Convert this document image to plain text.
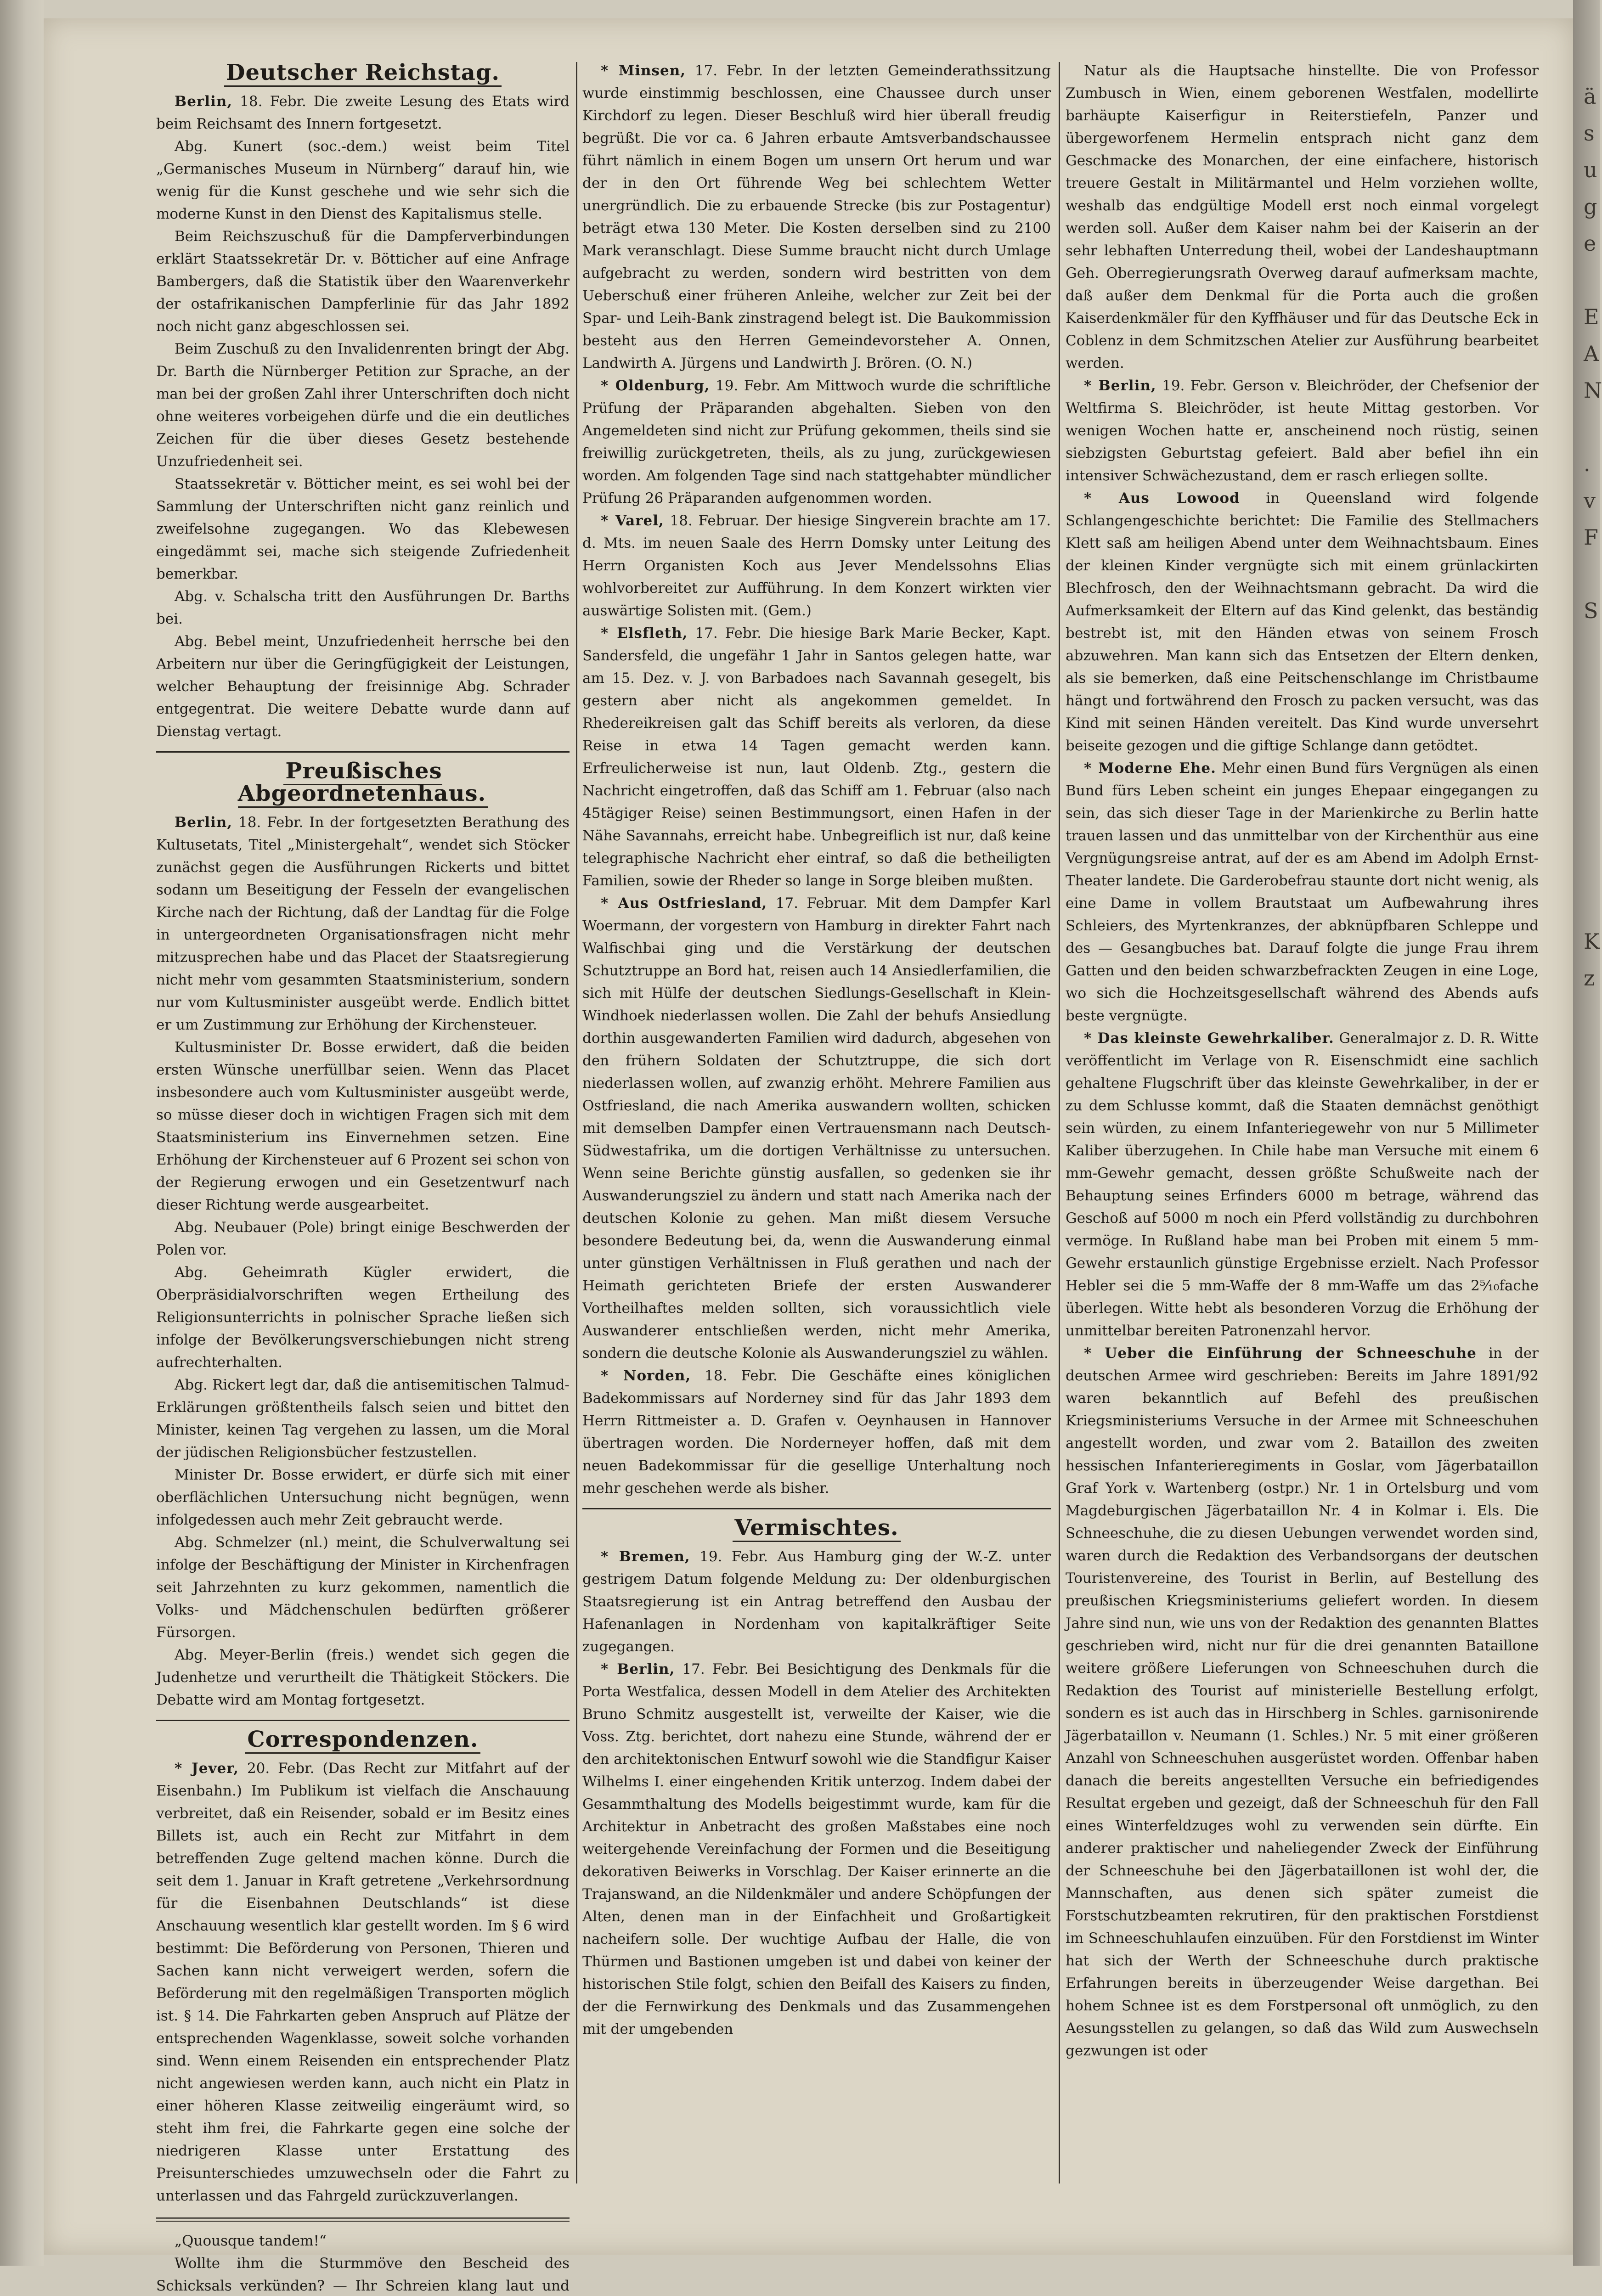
ä
s
u
g
e
E
A
N
.
v
F
S
K
z
Deutscher Reichstag.

Berlin, 18. Febr. Die zweite Lesung des Etats wird beim Reichsamt des Innern fortgesetzt.

Abg. Kunert (soc.-dem.) weist beim Titel „Germanisches Museum in Nürnberg“ darauf hin, wie wenig für die Kunst geschehe und wie sehr sich die moderne Kunst in den Dienst des Kapitalismus stelle.

Beim Reichszuschuß für die Dampferverbindungen erklärt Staatssekretär Dr. v. Bötticher auf eine Anfrage Bambergers, daß die Statistik über den Waarenverkehr der ostafrikanischen Dampferlinie für das Jahr 1892 noch nicht ganz abgeschlossen sei.

Beim Zuschuß zu den Invalidenrenten bringt der Abg. Dr. Barth die Nürnberger Petition zur Sprache, an der man bei der großen Zahl ihrer Unterschriften doch nicht ohne weiteres vorbeigehen dürfe und die ein deutliches Zeichen für die über dieses Gesetz bestehende Unzufriedenheit sei.

Staatssekretär v. Bötticher meint, es sei wohl bei der Sammlung der Unterschriften nicht ganz reinlich und zweifelsohne zugegangen. Wo das Klebewesen eingedämmt sei, mache sich steigende Zufriedenheit bemerkbar.

Abg. v. Schalscha tritt den Ausführungen Dr. Barths bei.

Abg. Bebel meint, Unzufriedenheit herrsche bei den Arbeitern nur über die Geringfügigkeit der Leistungen, welcher Behauptung der freisinnige Abg. Schrader entgegentrat. Die weitere Debatte wurde dann auf Dienstag vertagt.

Preußisches Abgeordnetenhaus.

Berlin, 18. Febr. In der fortgesetzten Berathung des Kultusetats, Titel „Ministergehalt“, wendet sich Stöcker zunächst gegen die Ausführungen Rickerts und bittet sodann um Beseitigung der Fesseln der evangelischen Kirche nach der Richtung, daß der Landtag für die Folge in untergeordneten Organisationsfragen nicht mehr mitzusprechen habe und das Placet der Staatsregierung nicht mehr vom gesammten Staatsministerium, sondern nur vom Kultusminister ausgeübt werde. Endlich bittet er um Zustimmung zur Erhöhung der Kirchensteuer.

Kultusminister Dr. Bosse erwidert, daß die beiden ersten Wünsche unerfüllbar seien. Wenn das Placet insbesondere auch vom Kultusminister ausgeübt werde, so müsse dieser doch in wichtigen Fragen sich mit dem Staatsministerium ins Einvernehmen setzen. Eine Erhöhung der Kirchensteuer auf 6 Prozent sei schon von der Regierung erwogen und ein Gesetzentwurf nach dieser Richtung werde ausgearbeitet.

Abg. Neubauer (Pole) bringt einige Beschwerden der Polen vor.

Abg. Geheimrath Kügler erwidert, die Oberpräsidialvorschriften wegen Ertheilung des Religionsunterrichts in polnischer Sprache ließen sich infolge der Bevölkerungsverschiebungen nicht streng aufrechterhalten.

Abg. Rickert legt dar, daß die antisemitischen Talmud-Erklärungen größtentheils falsch seien und bittet den Minister, keinen Tag vergehen zu lassen, um die Moral der jüdischen Religionsbücher festzustellen.

Minister Dr. Bosse erwidert, er dürfe sich mit einer oberflächlichen Untersuchung nicht begnügen, wenn infolgedessen auch mehr Zeit gebraucht werde.

Abg. Schmelzer (nl.) meint, die Schulverwaltung sei infolge der Beschäftigung der Minister in Kirchenfragen seit Jahrzehnten zu kurz gekommen, namentlich die Volks- und Mädchenschulen bedürften größerer Fürsorgen.

Abg. Meyer-Berlin (freis.) wendet sich gegen die Judenhetze und verurtheilt die Thätigkeit Stöckers. Die Debatte wird am Montag fortgesetzt.

Correspondenzen.

* Jever, 20. Febr. (Das Recht zur Mitfahrt auf der Eisenbahn.) Im Publikum ist vielfach die Anschauung verbreitet, daß ein Reisender, sobald er im Besitz eines Billets ist, auch ein Recht zur Mitfahrt in dem betreffenden Zuge geltend machen könne. Durch die seit dem 1. Januar in Kraft getretene „Verkehrsordnung für die Eisenbahnen Deutschlands“ ist diese Anschauung wesentlich klar gestellt worden. Im § 6 wird bestimmt: Die Beförderung von Personen, Thieren und Sachen kann nicht verweigert werden, sofern die Beförderung mit den regelmäßigen Transporten möglich ist. § 14. Die Fahrkarten geben Anspruch auf Plätze der entsprechenden Wagenklasse, soweit solche vorhanden sind. Wenn einem Reisenden ein entsprechender Platz nicht angewiesen werden kann, auch nicht ein Platz in einer höheren Klasse zeitweilig eingeräumt wird, so steht ihm frei, die Fahrkarte gegen eine solche der niedrigeren Klasse unter Erstattung des Preisunterschiedes umzuwechseln oder die Fahrt zu unterlassen und das Fahrgeld zurückzuverlangen.

„Quousque tandem!“

Wollte ihm die Sturmmöve den Bescheid des Schicksals verkünden? — Ihr Schreien klang laut und

* Minsen, 17. Febr. In der letzten Gemeinderathssitzung wurde einstimmig beschlossen, eine Chaussee durch unser Kirchdorf zu legen. Dieser Beschluß wird hier überall freudig begrüßt. Die vor ca. 6 Jahren erbaute Amtsverbandschaussee führt nämlich in einem Bogen um unsern Ort herum und war der in den Ort führende Weg bei schlechtem Wetter unergründlich. Die zu erbauende Strecke (bis zur Postagentur) beträgt etwa 130 Meter. Die Kosten derselben sind zu 2100 Mark veranschlagt. Diese Summe braucht nicht durch Umlage aufgebracht zu werden, sondern wird bestritten von dem Ueberschuß einer früheren Anleihe, welcher zur Zeit bei der Spar- und Leih-Bank zinstragend belegt ist. Die Baukommission besteht aus den Herren Gemeindevorsteher A. Onnen, Landwirth A. Jürgens und Landwirth J. Brören. (O. N.)

* Oldenburg, 19. Febr. Am Mittwoch wurde die schriftliche Prüfung der Präparanden abgehalten. Sieben von den Angemeldeten sind nicht zur Prüfung gekommen, theils sind sie freiwillig zurückgetreten, theils, als zu jung, zurückgewiesen worden. Am folgenden Tage sind nach stattgehabter mündlicher Prüfung 26 Präparanden aufgenommen worden.

* Varel, 18. Februar. Der hiesige Singverein brachte am 17. d. Mts. im neuen Saale des Herrn Domsky unter Leitung des Herrn Organisten Koch aus Jever Mendelssohns Elias wohlvorbereitet zur Aufführung. In dem Konzert wirkten vier auswärtige Solisten mit. (Gem.)

* Elsfleth, 17. Febr. Die hiesige Bark Marie Becker, Kapt. Sandersfeld, die ungefähr 1 Jahr in Santos gelegen hatte, war am 15. Dez. v. J. von Barbadoes nach Savannah gesegelt, bis gestern aber nicht als angekommen gemeldet. In Rhedereikreisen galt das Schiff bereits als verloren, da diese Reise in etwa 14 Tagen gemacht werden kann. Erfreulicherweise ist nun, laut Oldenb. Ztg., gestern die Nachricht eingetroffen, daß das Schiff am 1. Februar (also nach 45tägiger Reise) seinen Bestimmungsort, einen Hafen in der Nähe Savannahs, erreicht habe. Unbegreiflich ist nur, daß keine telegraphische Nachricht eher eintraf, so daß die betheiligten Familien, sowie der Rheder so lange in Sorge bleiben mußten.

* Aus Ostfriesland, 17. Februar. Mit dem Dampfer Karl Woermann, der vorgestern von Hamburg in direkter Fahrt nach Walfischbai ging und die Verstärkung der deutschen Schutztruppe an Bord hat, reisen auch 14 Ansiedlerfamilien, die sich mit Hülfe der deutschen Siedlungs-Gesellschaft in Klein-Windhoek niederlassen wollen. Die Zahl der behufs Ansiedlung dorthin ausgewanderten Familien wird dadurch, abgesehen von den frühern Soldaten der Schutztruppe, die sich dort niederlassen wollen, auf zwanzig erhöht. Mehrere Familien aus Ostfriesland, die nach Amerika auswandern wollten, schicken mit demselben Dampfer einen Vertrauensmann nach Deutsch-Südwestafrika, um die dortigen Verhältnisse zu untersuchen. Wenn seine Berichte günstig ausfallen, so gedenken sie ihr Auswanderungsziel zu ändern und statt nach Amerika nach der deutschen Kolonie zu gehen. Man mißt diesem Versuche besondere Bedeutung bei, da, wenn die Auswanderung einmal unter günstigen Verhältnissen in Fluß gerathen und nach der Heimath gerichteten Briefe der ersten Auswanderer Vortheilhaftes melden sollten, sich voraussichtlich viele Auswanderer entschließen werden, nicht mehr Amerika, sondern die deutsche Kolonie als Auswanderungsziel zu wählen.

* Norden, 18. Febr. Die Geschäfte eines königlichen Badekommissars auf Norderney sind für das Jahr 1893 dem Herrn Rittmeister a. D. Grafen v. Oeynhausen in Hannover übertragen worden. Die Norderneyer hoffen, daß mit dem neuen Badekommissar für die gesellige Unterhaltung noch mehr geschehen werde als bisher.

Vermischtes.

* Bremen, 19. Febr. Aus Hamburg ging der W.-Z. unter gestrigem Datum folgende Meldung zu: Der oldenburgischen Staatsregierung ist ein Antrag betreffend den Ausbau der Hafenanlagen in Nordenham von kapitalkräftiger Seite zugegangen.

* Berlin, 17. Febr. Bei Besichtigung des Denkmals für die Porta Westfalica, dessen Modell in dem Atelier des Architekten Bruno Schmitz ausgestellt ist, verweilte der Kaiser, wie die Voss. Ztg. berichtet, dort nahezu eine Stunde, während der er den architektonischen Entwurf sowohl wie die Standfigur Kaiser Wilhelms I. einer eingehenden Kritik unterzog. Indem dabei der Gesammthaltung des Modells beigestimmt wurde, kam für die Architektur in Anbetracht des großen Maßstabes eine noch weitergehende Vereinfachung der Formen und die Beseitigung dekorativen Beiwerks in Vorschlag. Der Kaiser erinnerte an die Trajanswand, an die Nildenkmäler und andere Schöpfungen der Alten, denen man in der Einfachheit und Großartigkeit nacheifern solle. Der wuchtige Aufbau der Halle, die von Thürmen und Bastionen umgeben ist und dabei von keiner der historischen Stile folgt, schien den Beifall des Kaisers zu finden, der die Fernwirkung des Denkmals und das Zusammengehen mit der umgebenden

Natur als die Hauptsache hinstellte. Die von Professor Zumbusch in Wien, einem geborenen Westfalen, modellirte barhäupte Kaiserfigur in Reiterstiefeln, Panzer und übergeworfenem Hermelin entsprach nicht ganz dem Geschmacke des Monarchen, der eine einfachere, historisch treuere Gestalt in Militärmantel und Helm vorziehen wollte, weshalb das endgültige Modell erst noch einmal vorgelegt werden soll. Außer dem Kaiser nahm bei der Kaiserin an der sehr lebhaften Unterredung theil, wobei der Landeshauptmann Geh. Oberregierungsrath Overweg darauf aufmerksam machte, daß außer dem Denkmal für die Porta auch die großen Kaiserdenkmäler für den Kyffhäuser und für das Deutsche Eck in Coblenz in dem Schmitzschen Atelier zur Ausführung bearbeitet werden.

* Berlin, 19. Febr. Gerson v. Bleichröder, der Chefsenior der Weltfirma S. Bleichröder, ist heute Mittag gestorben. Vor wenigen Wochen hatte er, anscheinend noch rüstig, seinen siebzigsten Geburtstag gefeiert. Bald aber befiel ihn ein intensiver Schwächezustand, dem er rasch erliegen sollte.

* Aus Lowood in Queensland wird folgende Schlangengeschichte berichtet: Die Familie des Stellmachers Klett saß am heiligen Abend unter dem Weihnachtsbaum. Eines der kleinen Kinder vergnügte sich mit einem grünlackirten Blechfrosch, den der Weihnachtsmann gebracht. Da wird die Aufmerksamkeit der Eltern auf das Kind gelenkt, das beständig bestrebt ist, mit den Händen etwas von seinem Frosch abzuwehren. Man kann sich das Entsetzen der Eltern denken, als sie bemerken, daß eine Peitschenschlange im Christbaume hängt und fortwährend den Frosch zu packen versucht, was das Kind mit seinen Händen vereitelt. Das Kind wurde unversehrt beiseite gezogen und die giftige Schlange dann getödtet.

* Moderne Ehe. Mehr einen Bund fürs Vergnügen als einen Bund fürs Leben scheint ein junges Ehepaar eingegangen zu sein, das sich dieser Tage in der Marienkirche zu Berlin hatte trauen lassen und das unmittelbar von der Kirchenthür aus eine Vergnügungsreise antrat, auf der es am Abend im Adolph Ernst-Theater landete. Die Garderobefrau staunte dort nicht wenig, als eine Dame in vollem Brautstaat um Aufbewahrung ihres Schleiers, des Myrtenkranzes, der abknüpfbaren Schleppe und des — Gesangbuches bat. Darauf folgte die junge Frau ihrem Gatten und den beiden schwarzbefrackten Zeugen in eine Loge, wo sich die Hochzeitsgesellschaft während des Abends aufs beste vergnügte.

* Das kleinste Gewehrkaliber. Generalmajor z. D. R. Witte veröffentlicht im Verlage von R. Eisenschmidt eine sachlich gehaltene Flugschrift über das kleinste Gewehrkaliber, in der er zu dem Schlusse kommt, daß die Staaten demnächst genöthigt sein würden, zu einem Infanteriegewehr von nur 5 Millimeter Kaliber überzugehen. In Chile habe man Versuche mit einem 6 mm-Gewehr gemacht, dessen größte Schußweite nach der Behauptung seines Erfinders 6000 m betrage, während das Geschoß auf 5000 m noch ein Pferd vollständig zu durchbohren vermöge. In Rußland habe man bei Proben mit einem 5 mm-Gewehr erstaunlich günstige Ergebnisse erzielt. Nach Professor Hebler sei die 5 mm-Waffe der 8 mm-Waffe um das 2⁵⁄₁₀fache überlegen. Witte hebt als besonderen Vorzug die Erhöhung der unmittelbar bereiten Patronenzahl hervor.

* Ueber die Einführung der Schneeschuhe in der deutschen Armee wird geschrieben: Bereits im Jahre 1891/92 waren bekanntlich auf Befehl des preußischen Kriegsministeriums Versuche in der Armee mit Schneeschuhen angestellt worden, und zwar vom 2. Bataillon des zweiten hessischen Infanterieregiments in Goslar, vom Jägerbataillon Graf York v. Wartenberg (ostpr.) Nr. 1 in Ortelsburg und vom Magdeburgischen Jägerbataillon Nr. 4 in Kolmar i. Els. Die Schneeschuhe, die zu diesen Uebungen verwendet worden sind, waren durch die Redaktion des Verbandsorgans der deutschen Touristenvereine, des Tourist in Berlin, auf Bestellung des preußischen Kriegsministeriums geliefert worden. In diesem Jahre sind nun, wie uns von der Redaktion des genannten Blattes geschrieben wird, nicht nur für die drei genannten Bataillone weitere größere Lieferungen von Schneeschuhen durch die Redaktion des Tourist auf ministerielle Bestellung erfolgt, sondern es ist auch das in Hirschberg in Schles. garnisonirende Jägerbataillon v. Neumann (1. Schles.) Nr. 5 mit einer größeren Anzahl von Schneeschuhen ausgerüstet worden. Offenbar haben danach die bereits angestellten Versuche ein befriedigendes Resultat ergeben und gezeigt, daß der Schneeschuh für den Fall eines Winterfeldzuges wohl zu verwenden sein dürfte. Ein anderer praktischer und naheliegender Zweck der Einführung der Schneeschuhe bei den Jägerbataillonen ist wohl der, die Mannschaften, aus denen sich später zumeist die Forstschutzbeamten rekrutiren, für den praktischen Forstdienst im Schneeschuhlaufen einzuüben. Für den Forstdienst im Winter hat sich der Werth der Schneeschuhe durch praktische Erfahrungen bereits in überzeugender Weise dargethan. Bei hohem Schnee ist es dem Forstpersonal oft unmöglich, zu den Aesungsstellen zu gelangen, so daß das Wild zum Auswechseln gezwungen ist oder
